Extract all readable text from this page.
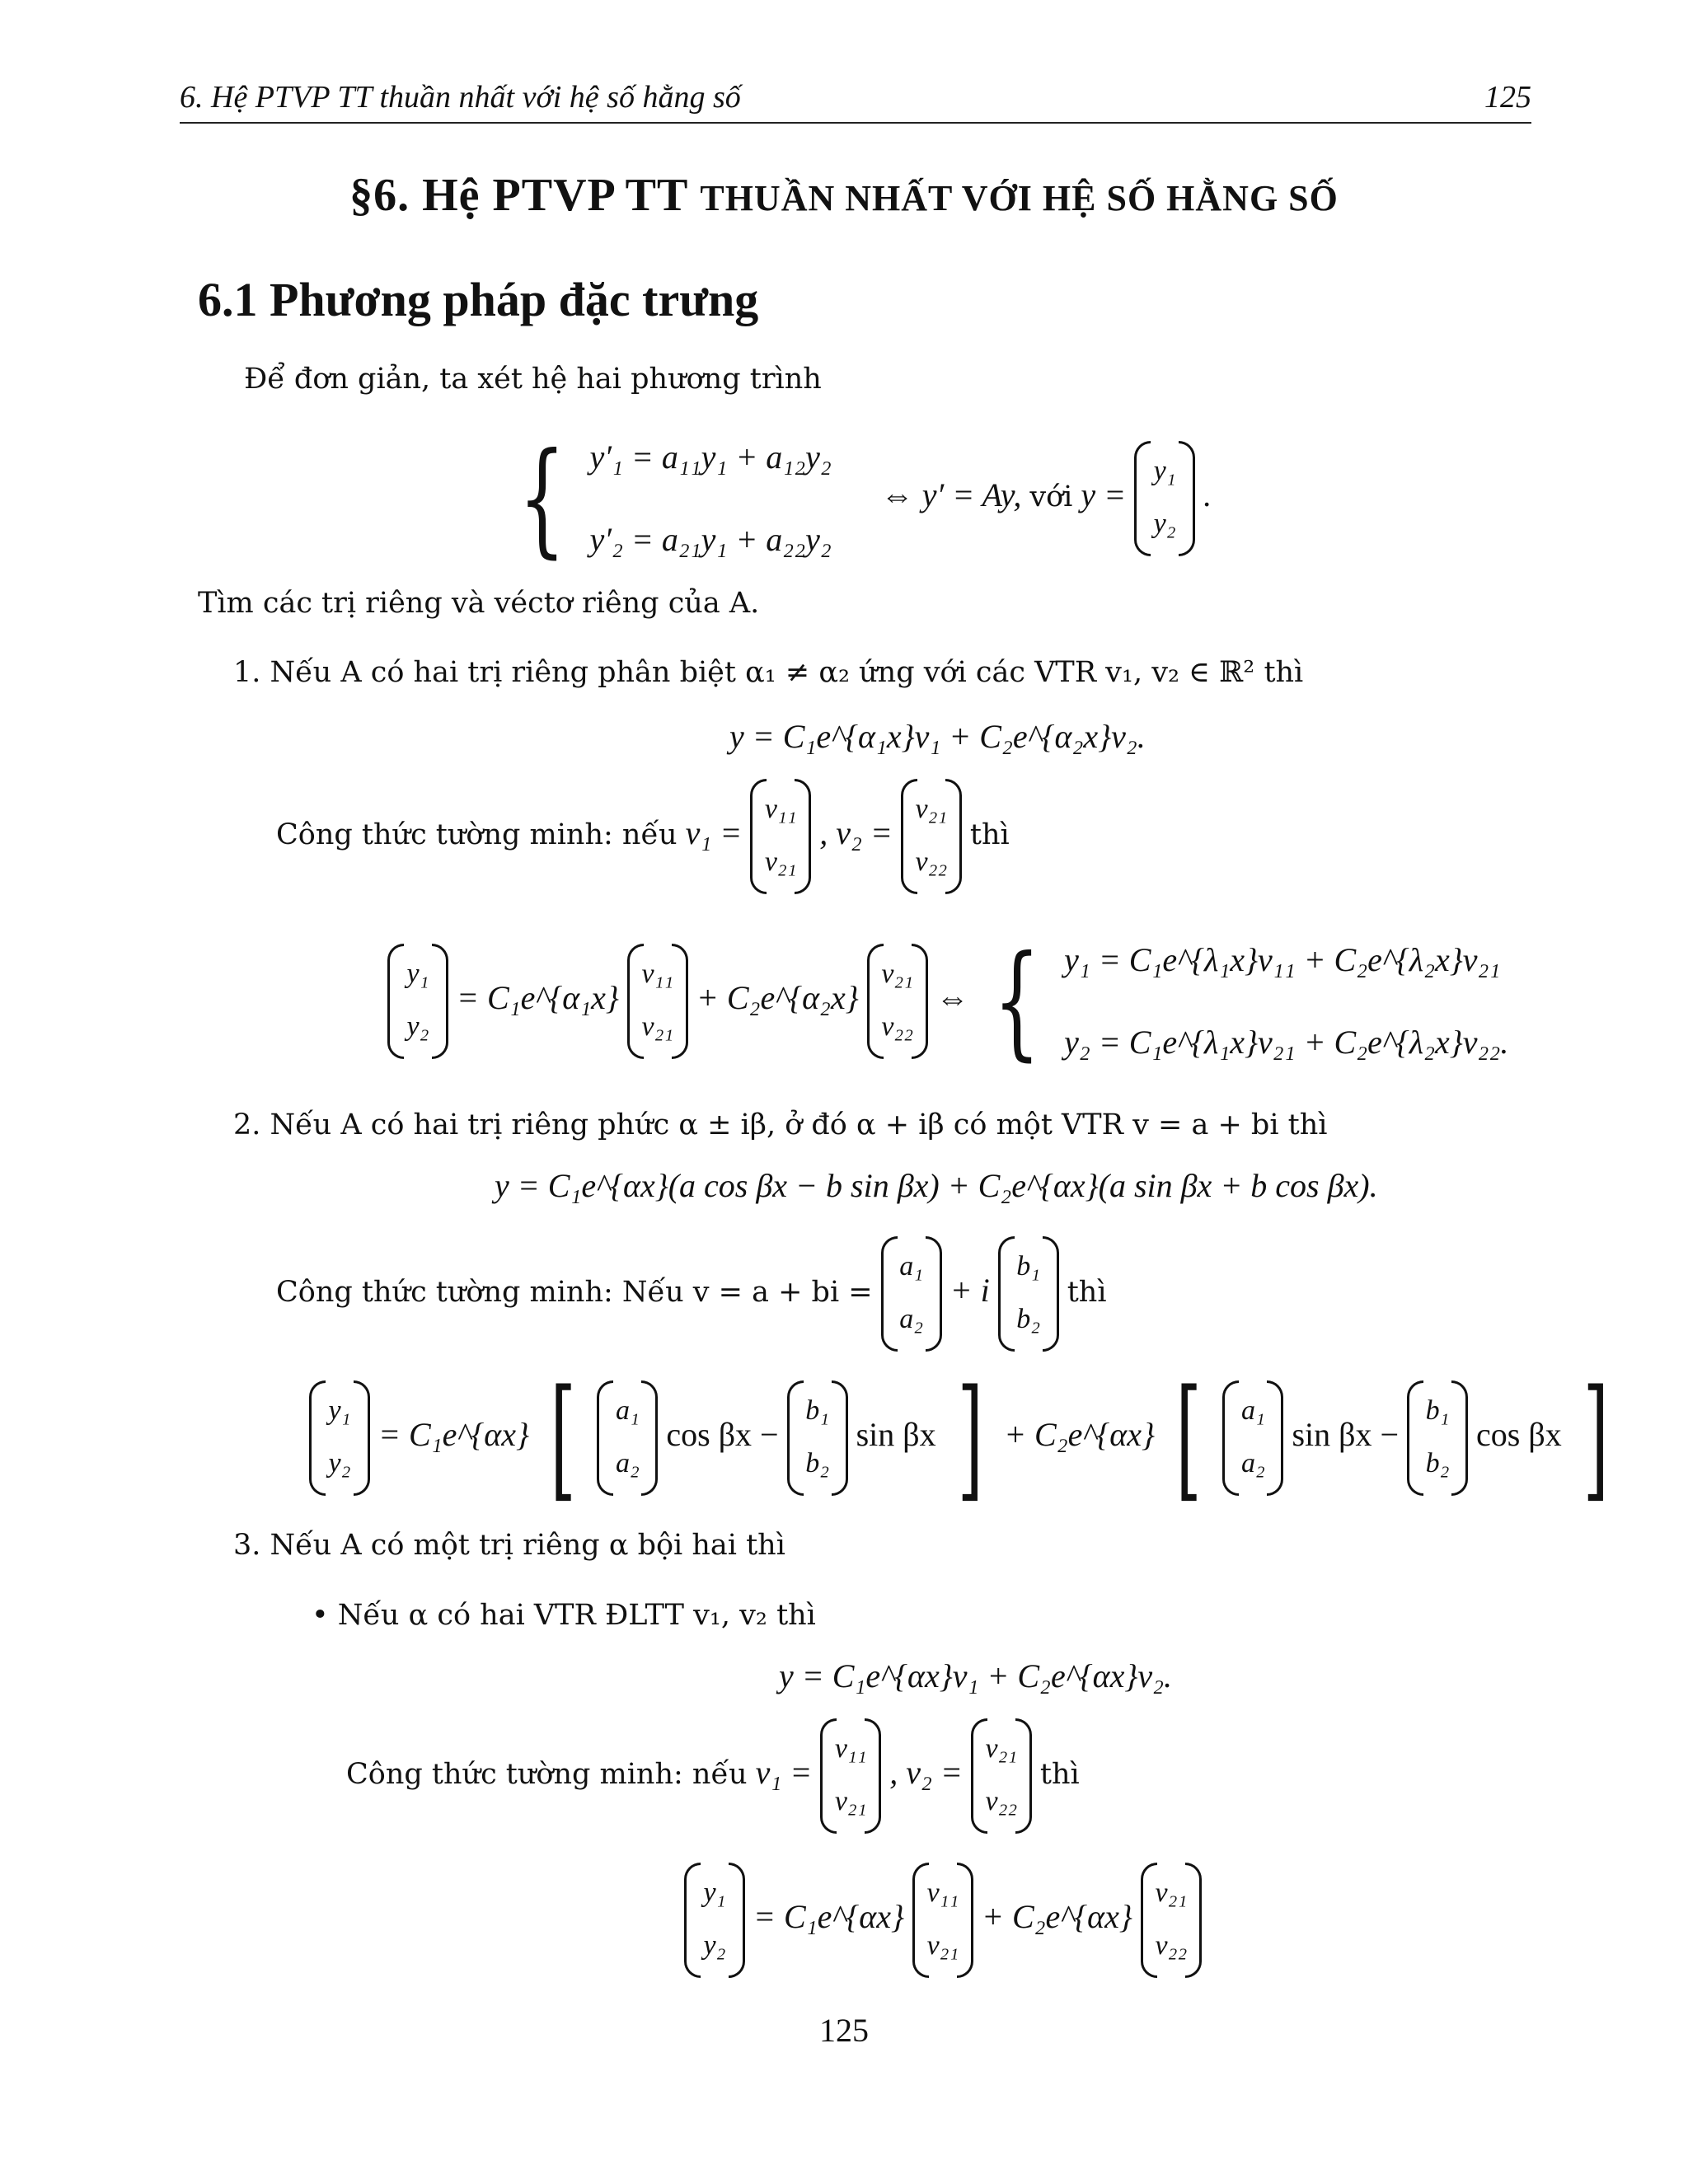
6. Hệ PTVP TT thuần nhất với hệ số hằng số	125
§6. Hệ PTVP TT THUẦN NHẤT VỚI HỆ SỐ HẰNG SỐ
6.1 Phương pháp đặc trưng
Để đơn giản, ta xét hệ hai phương trình
{ y′₁ = a₁₁y₁ + a₁₂y₂
y′₂ = a₂₁y₁ + a₂₂y₂
⇔ y′ = Ay, với y =
y₁
y₂
.
Tìm các trị riêng và véctơ riêng của A.
1. Nếu A có hai trị riêng phân biệt α₁ ≠ α₂ ứng với các VTR v₁, v₂ ∈ ℝ² thì
y = C₁e^{α₁x}v₁ + C₂e^{α₂x}v₂.
Công thức tường minh: nếu v₁ =
v₁₁
v₂₁
, v₂ =
v₂₁
v₂₂
thì
y₁
y₂
= C₁e^{α₁x}
v₁₁
v₂₁
+ C₂e^{α₂x}
v₂₁
v₂₂
⇔ { y₁ = C₁e^{λ₁x}v₁₁ + C₂e^{λ₂x}v₂₁
y₂ = C₁e^{λ₁x}v₂₁ + C₂e^{λ₂x}v₂₂.
2. Nếu A có hai trị riêng phức α ± iβ, ở đó α + iβ có một VTR v = a + bi thì
y = C₁e^{αx}(a cos βx − b sin βx) + C₂e^{αx}(a sin βx + b cos βx).
Công thức tường minh: Nếu v = a + bi =
a₁
a₂
+ i
b₁
b₂
thì
y₁
y₂
= C₁e^{αx} [	a₁
a₂
cos βx −
b₁
b₂
sin βx ] + C₂e^{αx} [	a₁
a₂
sin βx −
b₁
b₂
cos βx ]
3. Nếu A có một trị riêng α bội hai thì
• Nếu α có hai VTR ĐLTT v₁, v₂ thì
y = C₁e^{αx}v₁ + C₂e^{αx}v₂.
Công thức tường minh: nếu v₁ =
v₁₁
v₂₁
, v₂ =
v₂₁
v₂₂
thì
y₁
y₂
= C₁e^{αx}
v₁₁
v₂₁
+ C₂e^{αx}
v₂₁
v₂₂
125
